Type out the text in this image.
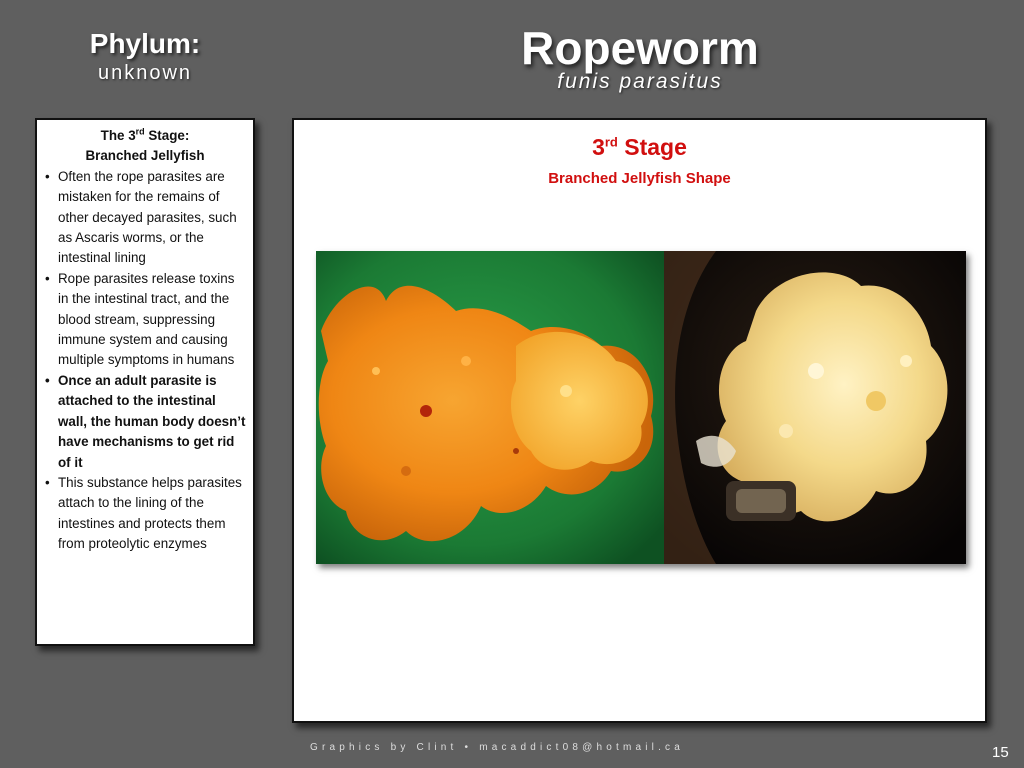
Phylum:
unknown	Ropeworm
funis parasitus
The 3rd Stage:
Branched Jellyfish
• Often the rope parasites are mistaken for the remains of other decayed parasites, such as Ascaris worms, or the intestinal lining
• Rope parasites release toxins in the intestinal tract, and the blood stream, suppressing immune system and causing multiple symptoms in humans
• Once an adult parasite is attached to the intestinal wall, the human body doesn’t have mechanisms to get rid of it
• This substance helps parasites attach to the lining of the intestines and protects them from proteolytic enzymes
3rd Stage
Branched Jellyfish Shape
Graphics by Clint • macaddict08@hotmail.ca	15
